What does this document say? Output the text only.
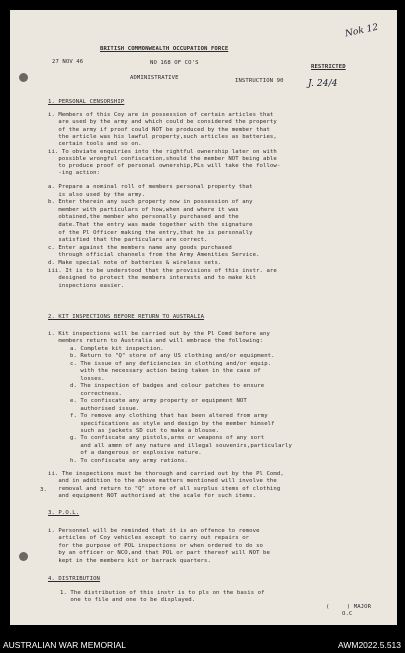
Nok 12
J. 24/4
BRITISH COMMONWEALTH OCCUPATION FORCE
27 NOV 46	NO 168 OF CO'S
RESTRICTED
ADMINISTRATIVE	INSTRUCTION 90
1. PERSONAL CENSORSHIP
i. Members of this Coy are in possession of certain articles that
are used by the army and which could be considered the property
of the army if proof could NOT be produced by the member that
the article was his lawful property,such articles as batteries,
certain tools and so on.
ii. To obviate enquiries into the rightful ownership later on with
possible wrongful confiscation,should the member NOT being able
to produce proof of personal ownership,PLs will take the follow-
-ing action:
a. Prepare a nominal roll of members personal property that
is also used by the army.
b. Enter therein any such property now in possession of any
member with particulars of how,when and where it was
obtained,the member who personally purchased and the
date.That the entry was made together with the signature
of the Pl Officer making the entry,that he is personally
satisfied that the particulars are correct.
c. Enter against the members name any goods purchased
through official channels from the Army Amenities Service.
d. Make special note of batteries & wireless sets.
iii. It is to be understood that the provisions of this instr. are
designed to protect the members interests and to make kit
inspections easier.
2. KIT INSPECTIONS BEFORE RETURN TO AUSTRALIA
i. Kit inspections will be carried out by the Pl Comd before any
members return to Australia and will embrace the following:
a. Complete kit inspection.
b. Return to "Q" store of any US clothing and/or equipment.
c. The issue of any deficiencies in clothing and/or equip.
with the necessary action being taken in the case of
losses.
d. The inspection of badges and colour patches to ensure
correctness.
e. To confiscate any army property or equipment NOT
authorised issue.
f. To remove any clothing that has been altered from army
specifications as style and design by the member himself
such as jackets SD cut to make a blouse.
g. To confiscate any pistols,arms or weapons of any sort
and all ammn of any nature and illegal souvenirs,particularly
of a dangerous or explosive nature.
h. To confiscate any army rations.
ii. The inspections must be thorough and carried out by the Pl Comd,
and in addition to the above matters mentioned will involve the
removal and return to "Q" store of all surplus items of clothing
and equipment NOT authorised at the scale for such items.
3.
3. P.O.L.
i. Personnel will be reminded that it is an offence to remove
articles of Coy vehicles except to carry out repairs or
for the purpose of POL inspections or when ordered to do so
by an officer or NCO,and that POL or part thereof will NOT be
kept in the members kit or barrack quarters.
4. DISTRIBUTION
1. The distribution of this instr is to pls on the basis of
one to file and one to be displayed.
(     ) MAJOR
O.C
AUSTRALIAN WAR MEMORIAL	AWM2022.5.513
